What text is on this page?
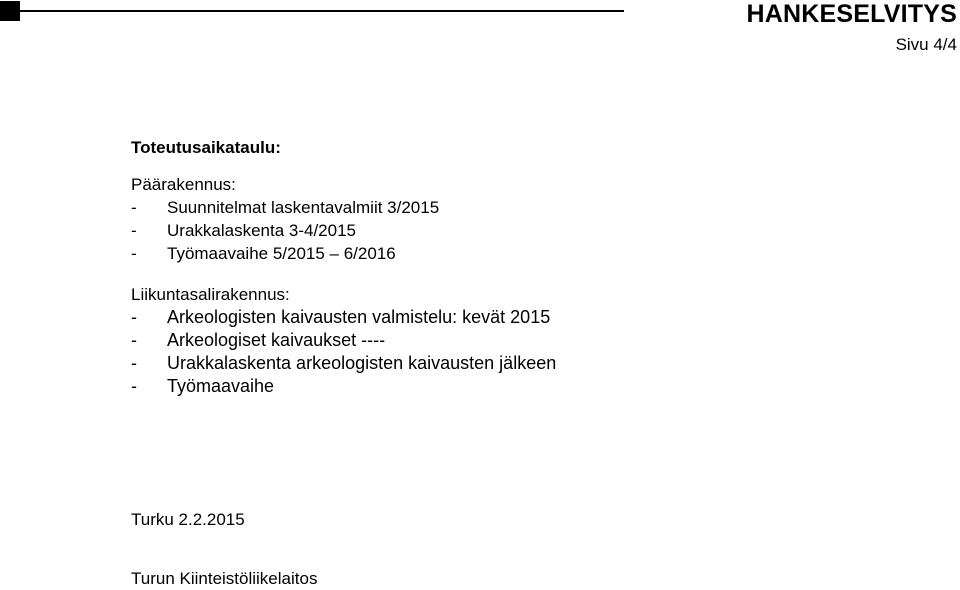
HANKESELVITYS
Sivu 4/4
Toteutusaikataulu:
Päärakennus:
-	Suunnitelmat laskentavalmiit 3/2015
-	Urakkalaskenta 3-4/2015
-	Työmaavaihe 5/2015 – 6/2016
Liikuntasalirakennus:
-	Arkeologisten kaivausten valmistelu: kevät 2015
-	Arkeologiset kaivaukset ----
-	Urakkalaskenta arkeologisten kaivausten jälkeen
-	Työmaavaihe
Turku 2.2.2015
Turun Kiinteistöliikelaitos
